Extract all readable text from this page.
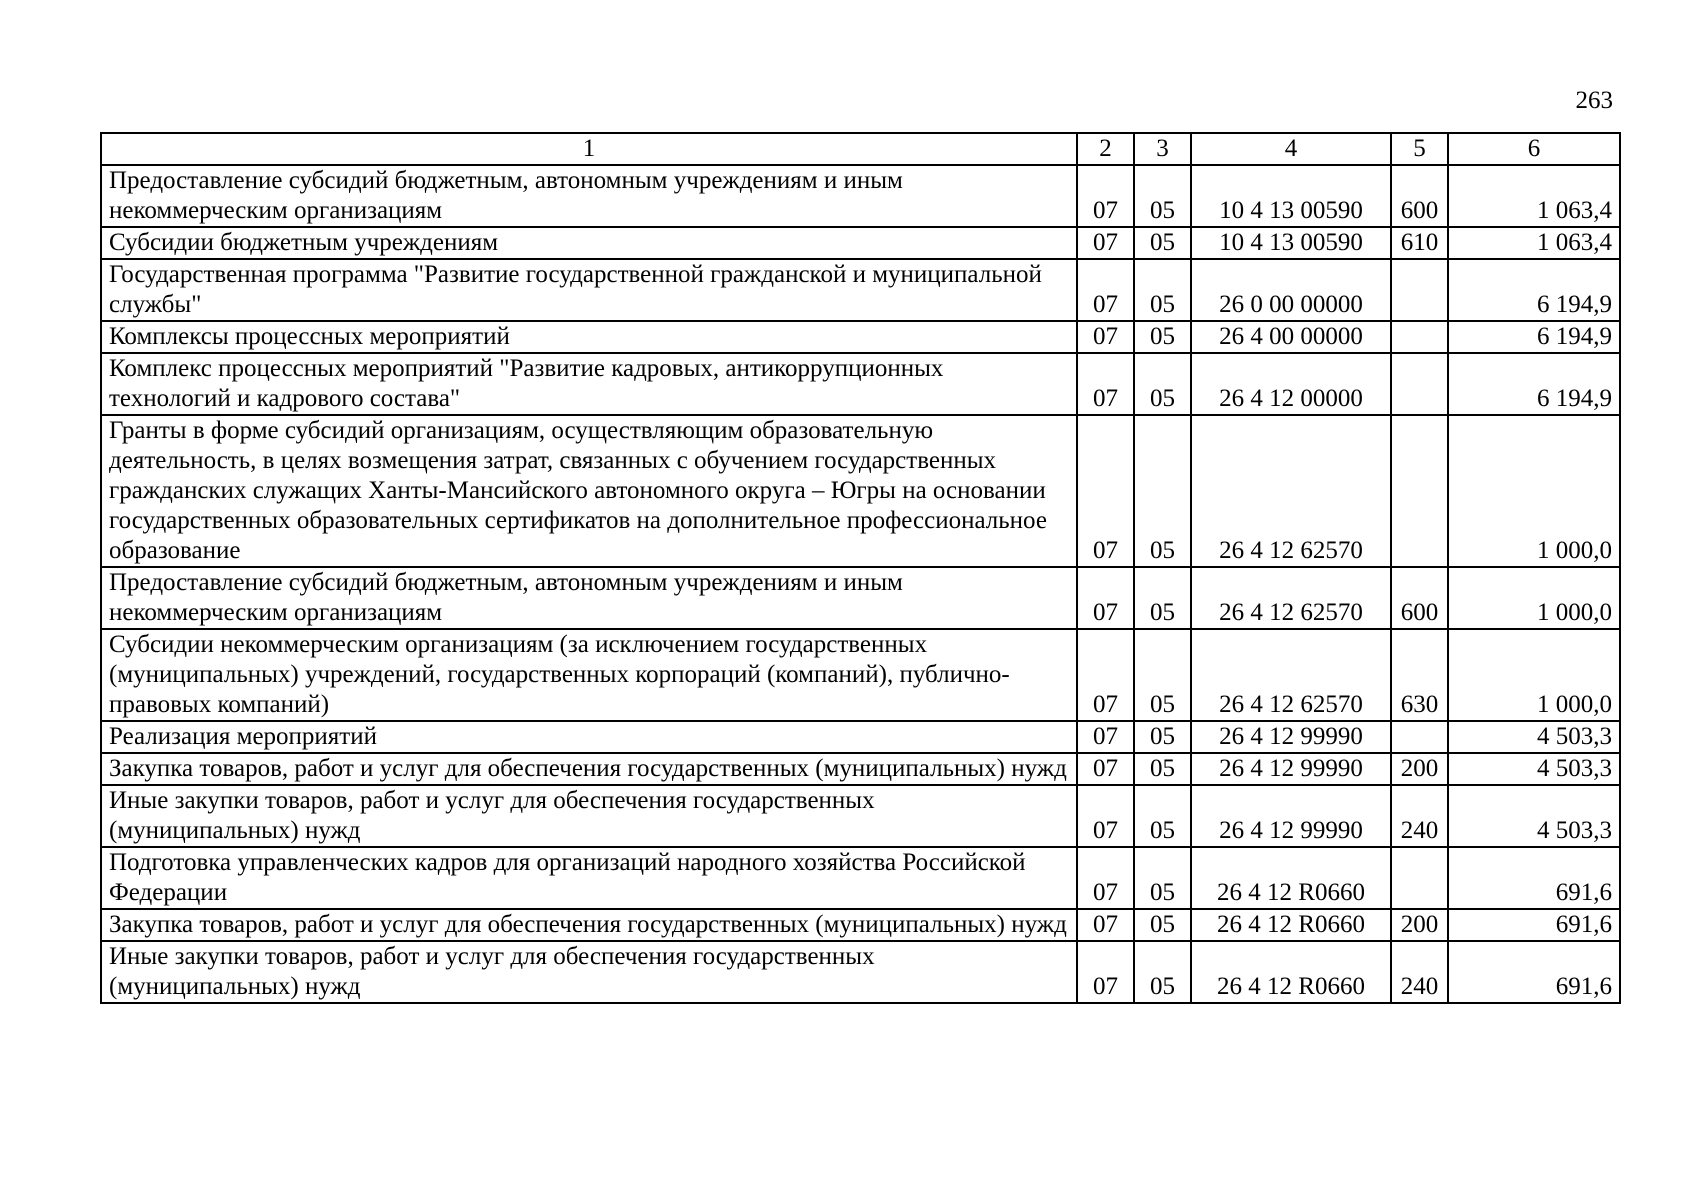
263
1	2	3	4	5	6
Предоставление субсидий бюджетным, автономным учреждениям и иным некоммерческим организациям	07	05	10 4 13 00590	600	1 063,4
Субсидии бюджетным учреждениям	07	05	10 4 13 00590	610	1 063,4
Государственная программа "Развитие государственной гражданской и муниципальной службы"	07	05	26 0 00 00000		6 194,9
Комплексы процессных мероприятий	07	05	26 4 00 00000		6 194,9
Комплекс процессных мероприятий "Развитие кадровых, антикоррупционных технологий и кадрового состава"	07	05	26 4 12 00000		6 194,9
Гранты в форме субсидий организациям, осуществляющим образовательную деятельность, в целях возмещения затрат, связанных с обучением государственных гражданских служащих Ханты-Мансийского автономного округа – Югры на основании государственных образовательных сертификатов на дополнительное профессиональное образование	07	05	26 4 12 62570		1 000,0
Предоставление субсидий бюджетным, автономным учреждениям и иным некоммерческим организациям	07	05	26 4 12 62570	600	1 000,0
Субсидии некоммерческим организациям (за исключением государственных (муниципальных) учреждений, государственных корпораций (компаний), публично-правовых компаний)	07	05	26 4 12 62570	630	1 000,0
Реализация мероприятий	07	05	26 4 12 99990		4 503,3
Закупка товаров, работ и услуг для обеспечения государственных (муниципальных) нужд	07	05	26 4 12 99990	200	4 503,3
Иные закупки товаров, работ и услуг для обеспечения государственных (муниципальных) нужд	07	05	26 4 12 99990	240	4 503,3
Подготовка управленческих кадров для организаций народного хозяйства Российской Федерации	07	05	26 4 12 R0660		691,6
Закупка товаров, работ и услуг для обеспечения государственных (муниципальных) нужд	07	05	26 4 12 R0660	200	691,6
Иные закупки товаров, работ и услуг для обеспечения государственных (муниципальных) нужд	07	05	26 4 12 R0660	240	691,6
